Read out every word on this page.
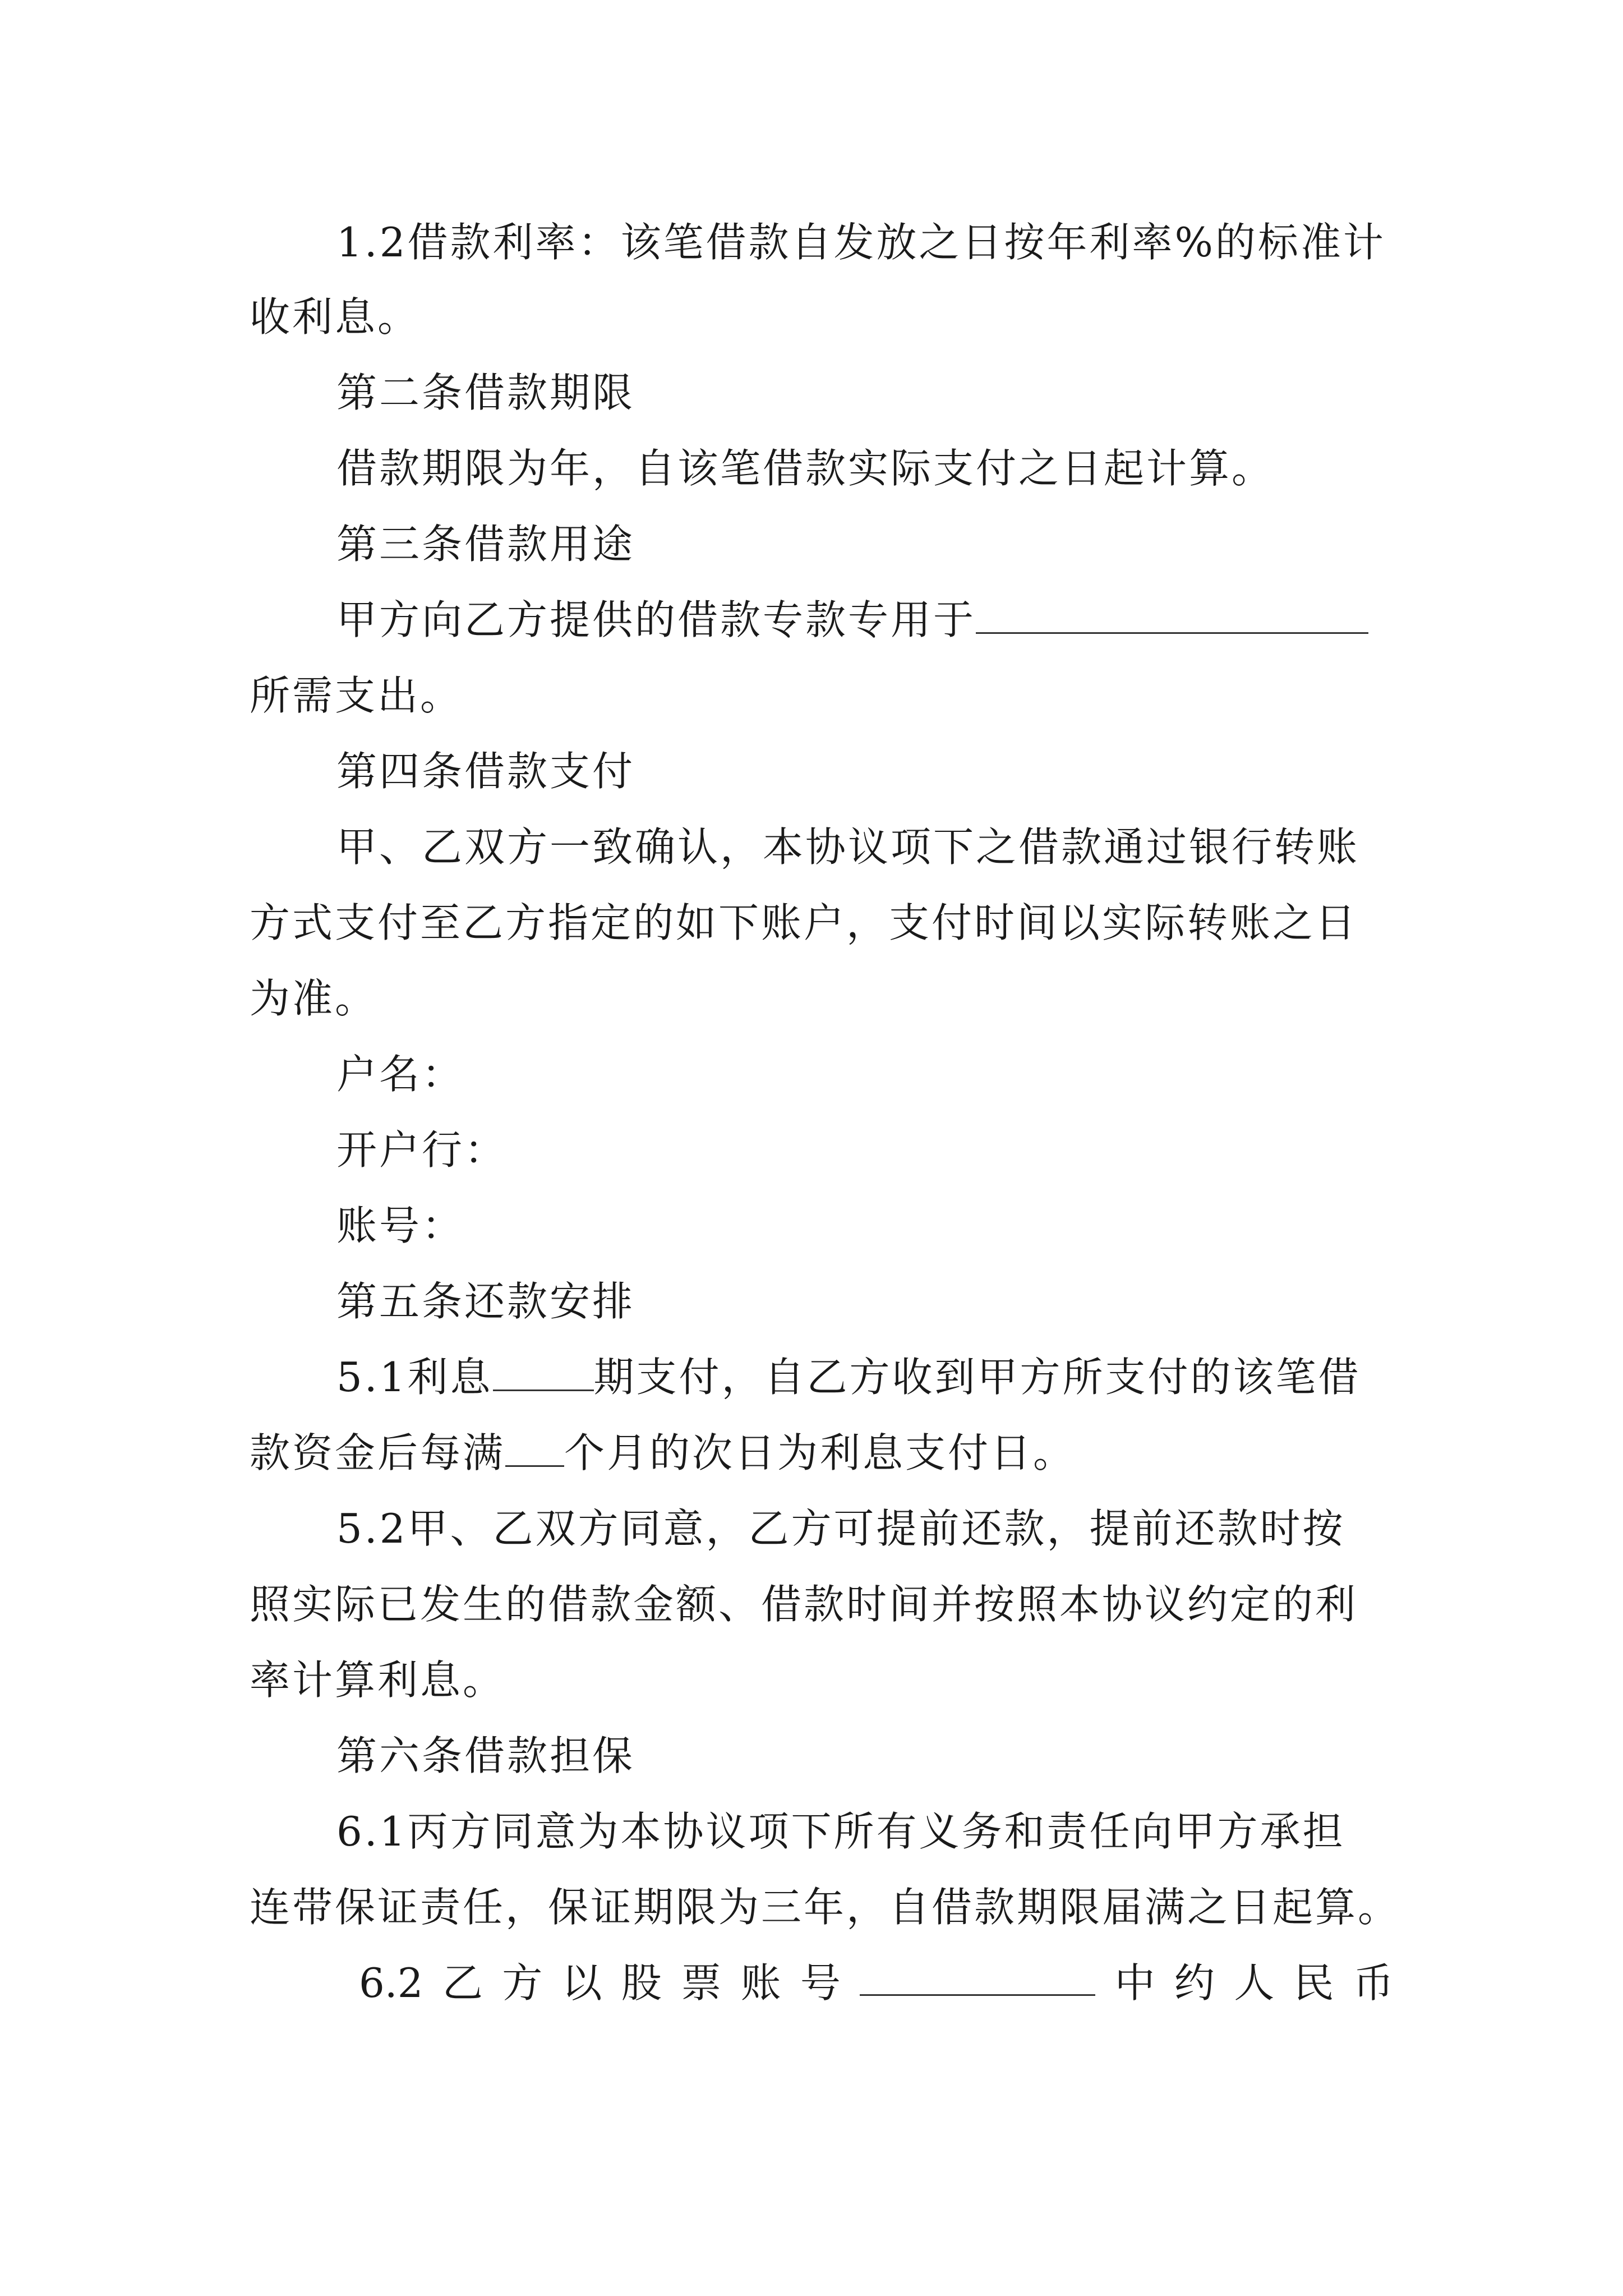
1.2借款利率：该笔借款自发放之日按年利率%的标准计
收利息。
第二条借款期限
借款期限为年，自该笔借款实际支付之日起计算。
第三条借款用途
甲方向乙方提供的借款专款专用于
所需支出。
第四条借款支付
甲、乙双方一致确认，本协议项下之借款通过银行转账
方式支付至乙方指定的如下账户，支付时间以实际转账之日
为准。
户名：
开户行：
账号：
第五条还款安排
5.1利息	期支付，自乙方收到甲方所支付的该笔借
款资金后每满 个月的次日为利息支付日。
5.2甲、乙双方同意，乙方可提前还款，提前还款时按
照实际已发生的借款金额、借款时间并按照本协议约定的利
率计算利息。
第六条借款担保
6.1丙方同意为本协议项下所有义务和责任向甲方承担
连带保证责任，保证期限为三年，自借款期限届满之日起算。
6.2 乙 方 以 股 票 账 号	中 约 人 民 币
